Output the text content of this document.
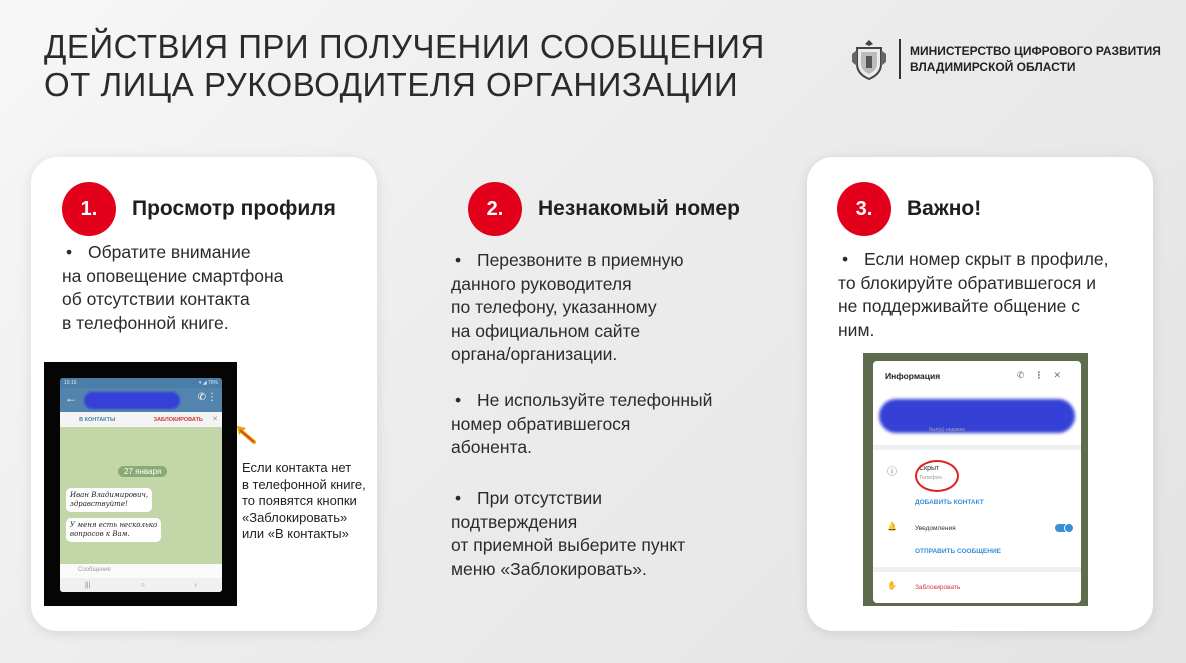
ДЕЙСТВИЯ ПРИ ПОЛУЧЕНИИ СООБЩЕНИЯ
ОТ ЛИЦА РУКОВОДИТЕЛЯ ОРГАНИЗАЦИИ
МИНИСТЕРСТВО ЦИФРОВОГО РАЗВИТИЯ
ВЛАДИМИРСКОЙ ОБЛАСТИ
1.	Просмотр профиля
• Обратите внимание
на оповещение смартфона
об отсутствии контакта
в телефонной книге.
15:15	▾ ◢ 76%
←	✆ ⋮
В КОНТАКТЫ	ЗАБЛОКИРОВАТЬ ✕
27 января
Иван Владимирович,
здравствуйте!
У меня есть несколько
вопросов к Вам.
Сообщение
|||	○	‹
Если контакта нет
в телефонной книге,
то появятся кнопки
«Заблокировать»
или «В контакты»
2.	Незнакомый номер
• Перезвоните в приемную
данного руководителя
по телефону, указанному
на официальном сайте
органа/организации.
• Не используйте телефонный
номер обратившегося
абонента.
• При отсутствии
подтверждения
от приемной выберите пункт
меню «Заблокировать».
3.	Важно!
• Если номер скрыт в профиле,
то блокируйте обратившегося и
не поддерживайте общение с
ним.
Информация	✆⋮✕
был(а) недавно
ⓘ	Скрыт
Телефон
ДОБАВИТЬ КОНТАКТ
🔔	Уведомления
ОТПРАВИТЬ СООБЩЕНИЕ
✋	Заблокировать
